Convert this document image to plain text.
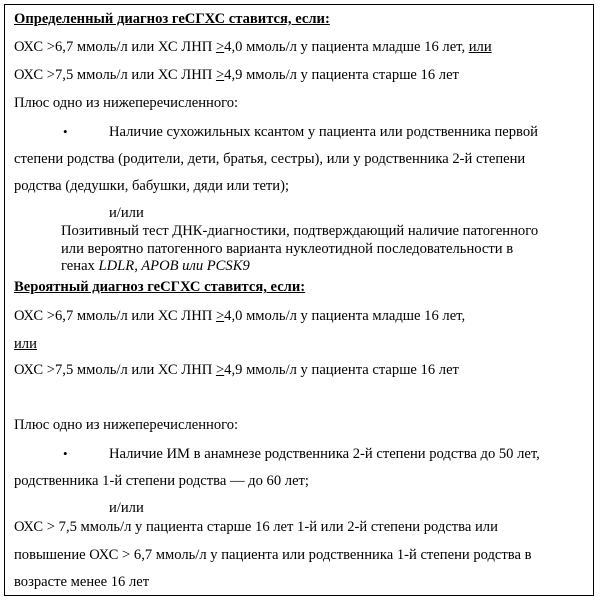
Определенный диагноз геСГХС ставится, если:
ОХС >6,7 ммоль/л или ХС ЛНП >4,0 ммоль/л у пациента младше 16 лет, или
ОХС >7,5 ммоль/л или ХС ЛНП >4,9 ммоль/л у пациента старше 16 лет
Плюс одно из нижеперечисленного:
•	Наличие сухожильных ксантом у пациента или родственника первой
степени родства (родители, дети, братья, сестры), или у родственника 2-й степени
родства (дедушки, бабушки, дяди или тети);
и/или
Позитивный тест ДНК-диагностики, подтверждающий наличие патогенного
или вероятно патогенного варианта нуклеотидной последовательности в
генах LDLR, APOB или PCSK9
Вероятный диагноз геСГХС ставится, если:
ОХС >6,7 ммоль/л или ХС ЛНП >4,0 ммоль/л у пациента младше 16 лет,
или
ОХС >7,5 ммоль/л или ХС ЛНП >4,9 ммоль/л у пациента старше 16 лет
Плюс одно из нижеперечисленного:
•	Наличие ИМ в анамнезе родственника 2-й степени родства до 50 лет,
родственника 1-й степени родства — до 60 лет;
и/или
ОХС > 7,5 ммоль/л у пациента старше 16 лет 1-й или 2-й степени родства или
повышение ОХС > 6,7 ммоль/л у пациента или родственника 1-й степени родства в
возрасте менее 16 лет
